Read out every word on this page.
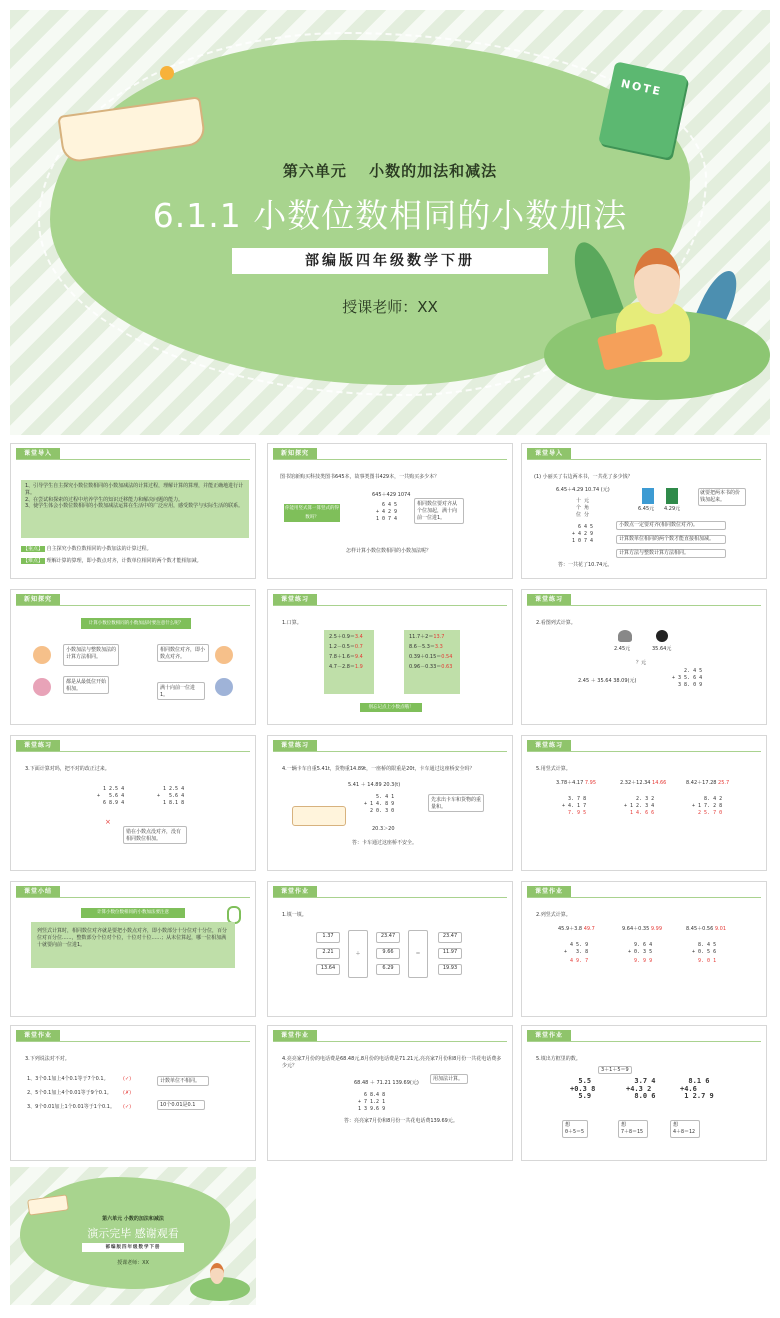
NOTE
第六单元　 小数的加法和减法
6.1.1 小数位数相同的小数加法
部编版四年级数学下册
授课老师：XX
课堂导入
1、引导学生自主探究小数位数相同的小数加减法的计算过程，理解计算的算理，并能正确地进行计算。
2、在尝试和探索的过程中培养学生的知识迁移能力和解决问题的能力。
3、使学生体会小数位数相同的小数加减法运算在生活中的广泛应用，感受数学与实际生活的联系。
【重点】 自主探究小数位数相同的小数加法的计算过程。
【难点】 理解计算的算理，即小数点对齐，计数单位相同的两个数才能相加减。
新知探究
图书馆新购买科技类图书645本，故事类图书429本，一共购买多少本？
645＋429 1074
6 4 5
+ 4 2 9
1 0 7 4
你能用竖式算一算竖式的得数吗？
相同数位要对齐从个位加起，满十向前一位进1。
怎样计算小数位数相同的小数加法呢？
课堂导入
(1) 小丽买了右边两本书，一共花了多少钱？
6.45＋4.29 10.74 (元)
十 元
个 角
位 分
6 4 5
+ 4 2 9
1 0 7 4
6.45元 4.29元
就要把两本书的价钱加起来。
小数点一定要对齐(相同数位对齐)。
计算数单位相同的两个数才能直接相加减。
计算方法与整数计算方法相同。
答：一共花了10.74元。
新知探究
计算小数位数相同的小数加法时要注意什么呢？
小数加法与整数加法的计算方法相同。
都是从最低位开始相加。
相同数位对齐，即小数点对齐。
满十向前一位进1。
课堂练习
1.口算。
2.5＋0.9＝3.4
1.2－0.5＝0.7
7.8＋1.6＝9.4
4.7－2.8＝1.9
11.7＋2＝13.7
8.6－5.3＝3.3
0.39＋0.15＝0.54
0.96－0.33＝0.63
别忘记点上小数点哦！
课堂练习
2.看图列式计算。
2.45元	35.64元
？元
2.45 ＋ 35.64 38.09(元)
2. 4 5
+ 3 5. 6 4
3 8. 0 9
课堂练习
3.下面计算对吗，把不对的改正过来。
1 2.5 4
+   5.6 4
6 8.9 4
1 2.5 4
+   5.6 4
1 8.1 8
×
错在小数点没对齐，没有相同数位相加。
课堂练习
4.一辆卡车自重5.41t，货物重14.89t，一座桥的限重是20t，卡车通过这座桥安全吗？
5.41 ＋ 14.89 20.3(t)
5. 4 1
+ 1 4. 8 9
2 0. 3 0
20.3＞20
先求出卡车和货物的重量和。
答：卡车通过这座桥不安全。
课堂练习
5.用竖式计算。
3.78＋4.17 7.95	2.32＋12.34 14.66	8.42＋17.28 25.7
3. 7 8
+ 4. 1 7
7. 9 5
2. 3 2
+ 1 2. 3 4
1 4. 6 6
8. 4 2
+ 1 7. 2 8
2 5. 7 0
课堂小结
计算小数位数相同的小数加法要注意
列竖式计算时，相同数位对齐就是要把小数点对齐，即小数部分十分位对十分位，百分位对百分位......，整数部分个位对个位，十位对十位......；从末位算起，哪一位相加满十就要向前一位进1。
课堂作业
1.填一填。
1.37
2.21
13.64
＋
23.47
9.66
6.29
＝
23.47
11.97
19.93
课堂作业
2.列竖式计算。
45.9＋3.8 49.7	9.64＋0.35 9.99	8.45＋0.56 9.01
4 5. 9
+   3. 8
4 9. 7
9. 6 4
+ 0. 3 5
9. 9 9
8. 4 5
+ 0. 5 6
9. 0 1
课堂作业
3.下列说法对不对。
1、3个0.1加上4个0.1等于7个0.1。	(✓)
2、5个0.1加上4个0.01等于9个0.1。 (✗)
3、9个0.01加上1个0.01等于1个0.1。 (✓)
计数单位不相同。
10个0.01是0.1
课堂作业
4.亮亮家7月份的电话费是68.48元,8月份的电话费是71.21元,亮亮家7月份和8月份一共花电话费多少元？
68.48 ＋ 71.21 139.69(元)
6 8.4 8
+ 7 1.2 1
1 3 9.6 9
用加法计算。
答：亮亮家7月份和8月份一共花电话费139.69元。
课堂作业
5.填出方框里的数。
5.5
+0.3 8
5.9
3.7 4
+4.3 2
8.0 6
8.1 6
+4.6
1 2.7 9
3＋1＋5＝9
想
0＋5＝5
想
7＋8＝15
想
4＋8＝12
第六单元 小数的加法和减法
演示完毕 感谢观看
部编版四年级数学下册
授课老师：XX
